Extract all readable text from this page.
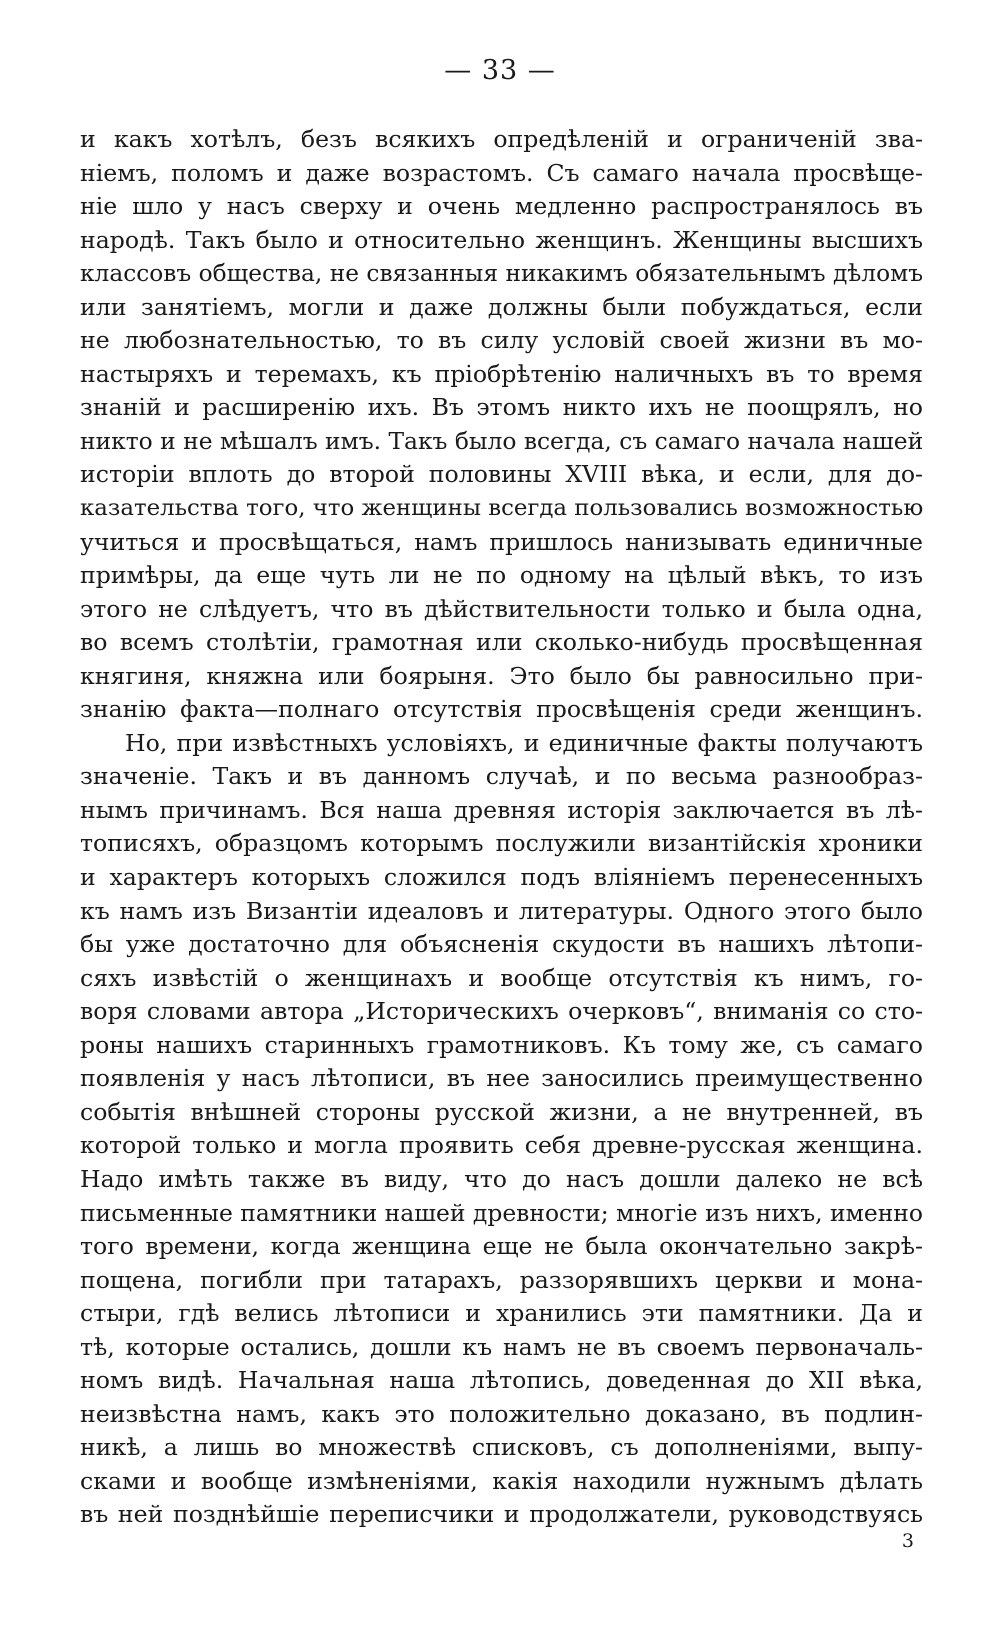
— 33 —
и какъ хотѣлъ, безъ всякихъ опредѣленій и ограниченій зва-
ніемъ, поломъ и даже возрастомъ. Съ самаго начала просвѣще-
ніе шло у насъ сверху и очень медленно распространялось въ
народѣ. Такъ было и относительно женщинъ. Женщины высшихъ
классовъ общества, не связанныя никакимъ обязательнымъ дѣломъ
или занятіемъ, могли и даже должны были побуждаться, если
не любознательностью, то въ силу условій своей жизни въ мо-
настыряхъ и теремахъ, къ пріобрѣтенію наличныхъ въ то время
знаній и расширенію ихъ. Въ этомъ никто ихъ не поощрялъ, но
никто и не мѣшалъ имъ. Такъ было всегда, съ самаго начала нашей
исторіи вплоть до второй половины XVIII вѣка, и если, для до-
казательства того, что женщины всегда пользовались возможностью
учиться и просвѣщаться, намъ пришлось нанизывать единичные
примѣры, да еще чуть ли не по одному на цѣлый вѣкъ, то изъ
этого не слѣдуетъ, что въ дѣйствительности только и была одна,
во всемъ столѣтіи, грамотная или сколько-нибудь просвѣщенная
княгиня, княжна или боярыня. Это было бы равносильно при-
знанію факта—полнаго отсутствія просвѣщенія среди женщинъ.
Но, при извѣстныхъ условіяхъ, и единичные факты получаютъ
значеніе. Такъ и въ данномъ случаѣ, и по весьма разнообраз-
нымъ причинамъ. Вся наша древняя исторія заключается въ лѣ-
тописяхъ, образцомъ которымъ послужили византійскія хроники
и характеръ которыхъ сложился подъ вліяніемъ перенесенныхъ
къ намъ изъ Византіи идеаловъ и литературы. Одного этого было
бы уже достаточно для объясненія скудости въ нашихъ лѣтопи-
сяхъ извѣстій о женщинахъ и вообще отсутствія къ нимъ, го-
воря словами автора „Историческихъ очерковъ“, вниманія со сто-
роны нашихъ старинныхъ грамотниковъ. Къ тому же, съ самаго
появленія у насъ лѣтописи, въ нее заносились преимущественно
событія внѣшней стороны русской жизни, а не внутренней, въ
которой только и могла проявить себя древне-русская женщина.
Надо имѣть также въ виду, что до насъ дошли далеко не всѣ
письменные памятники нашей древности; многіе изъ нихъ, именно
того времени, когда женщина еще не была окончательно закрѣ-
пощена, погибли при татарахъ, раззорявшихъ церкви и мона-
стыри, гдѣ велись лѣтописи и хранились эти памятники. Да и
тѣ, которые остались, дошли къ намъ не въ своемъ первоначаль-
номъ видѣ. Начальная наша лѣтопись, доведенная до XII вѣка,
неизвѣстна намъ, какъ это положительно доказано, въ подлин-
никѣ, а лишь во множествѣ списковъ, съ дополненіями, выпу-
сками и вообще измѣненіями, какія находили нужнымъ дѣлать
въ ней позднѣйшіе переписчики и продолжатели, руководствуясь
3
